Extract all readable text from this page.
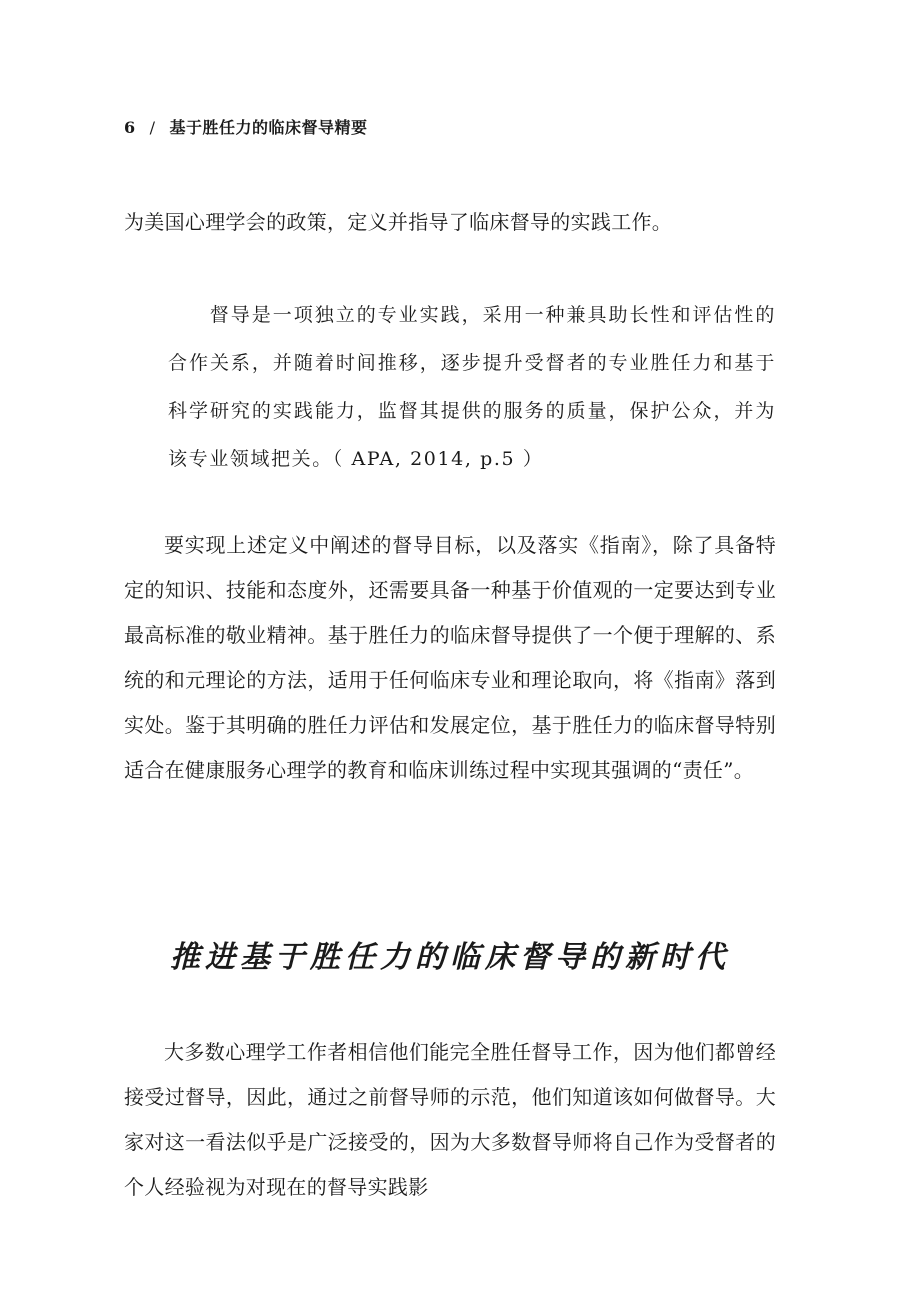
6 / 基于胜任力的临床督导精要

为美国心理学会的政策，定义并指导了临床督导的实践工作。

督导是一项独立的专业实践，采用一种兼具助长性和评估性的合作关系，并随着时间推移，逐步提升受督者的专业胜任力和基于科学研究的实践能力，监督其提供的服务的质量，保护公众，并为该专业领域把关。（ APA, 2014, p.5 ）

要实现上述定义中阐述的督导目标，以及落实《指南》，除了具备特定的知识、技能和态度外，还需要具备一种基于价值观的一定要达到专业最高标准的敬业精神。基于胜任力的临床督导提供了一个便于理解的、系统的和元理论的方法，适用于任何临床专业和理论取向，将《指南》落到实处。鉴于其明确的胜任力评估和发展定位，基于胜任力的临床督导特别适合在健康服务心理学的教育和临床训练过程中实现其强调的“责任”。

推进基于胜任力的临床督导的新时代

大多数心理学工作者相信他们能完全胜任督导工作，因为他们都曾经接受过督导，因此，通过之前督导师的示范，他们知道该如何做督导。大家对这一看法似乎是广泛接受的，因为大多数督导师将自己作为受督者的个人经验视为对现在的督导实践影
